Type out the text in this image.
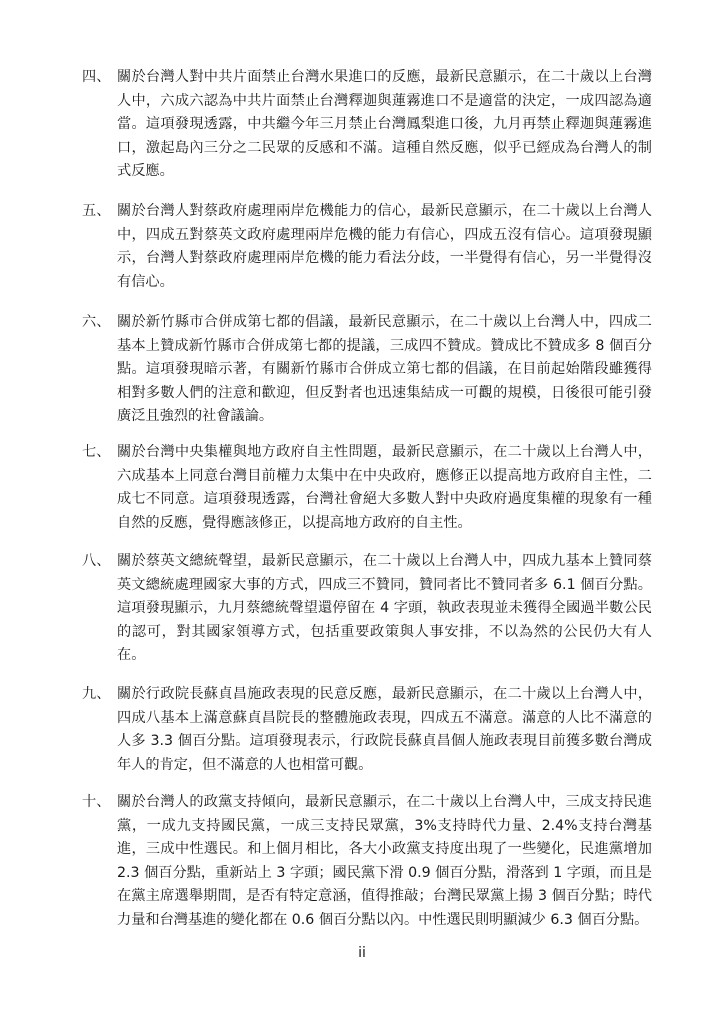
四、 關於台灣人對中共片面禁止台灣水果進口的反應，最新民意顯示，在二十歲以上台灣人中，六成六認為中共片面禁止台灣釋迦與蓮霧進口不是適當的決定，一成四認為適當。這項發現透露，中共繼今年三月禁止台灣鳳梨進口後，九月再禁止釋迦與蓮霧進口，激起島內三分之二民眾的反感和不滿。這種自然反應，似乎已經成為台灣人的制式反應。
五、 關於台灣人對蔡政府處理兩岸危機能力的信心，最新民意顯示，在二十歲以上台灣人中，四成五對蔡英文政府處理兩岸危機的能力有信心，四成五沒有信心。這項發現顯示，台灣人對蔡政府處理兩岸危機的能力看法分歧，一半覺得有信心，另一半覺得沒有信心。
六、 關於新竹縣市合併成第七都的倡議，最新民意顯示，在二十歲以上台灣人中，四成二基本上贊成新竹縣市合併成第七都的提議，三成四不贊成。贊成比不贊成多 8 個百分點。這項發現暗示著，有關新竹縣市合併成立第七都的倡議，在目前起始階段雖獲得相對多數人們的注意和歡迎，但反對者也迅速集結成一可觀的規模，日後很可能引發廣泛且強烈的社會議論。
七、 關於台灣中央集權與地方政府自主性問題，最新民意顯示，在二十歲以上台灣人中，六成基本上同意台灣目前權力太集中在中央政府，應修正以提高地方政府自主性，二成七不同意。這項發現透露，台灣社會絕大多數人對中央政府過度集權的現象有一種自然的反應，覺得應該修正，以提高地方政府的自主性。
八、 關於蔡英文總統聲望，最新民意顯示，在二十歲以上台灣人中，四成九基本上贊同蔡英文總統處理國家大事的方式，四成三不贊同，贊同者比不贊同者多 6.1 個百分點。這項發現顯示，九月蔡總統聲望還停留在 4 字頭，執政表現並未獲得全國過半數公民的認可，對其國家領導方式，包括重要政策與人事安排，不以為然的公民仍大有人在。
九、 關於行政院長蘇貞昌施政表現的民意反應，最新民意顯示，在二十歲以上台灣人中，四成八基本上滿意蘇貞昌院長的整體施政表現，四成五不滿意。滿意的人比不滿意的人多 3.3 個百分點。這項發現表示，行政院長蘇貞昌個人施政表現目前獲多數台灣成年人的肯定，但不滿意的人也相當可觀。
十、 關於台灣人的政黨支持傾向，最新民意顯示，在二十歲以上台灣人中，三成支持民進黨，一成九支持國民黨，一成三支持民眾黨，3%支持時代力量、2.4%支持台灣基進，三成中性選民。和上個月相比，各大小政黨支持度出現了一些變化，民進黨增加 2.3 個百分點，重新站上 3 字頭；國民黨下滑 0.9 個百分點，滑落到 1 字頭，而且是在黨主席選舉期間，是否有特定意涵，值得推敲；台灣民眾黨上揚 3 個百分點；時代力量和台灣基進的變化都在 0.6 個百分點以內。中性選民則明顯減少 6.3 個百分點。
ii
